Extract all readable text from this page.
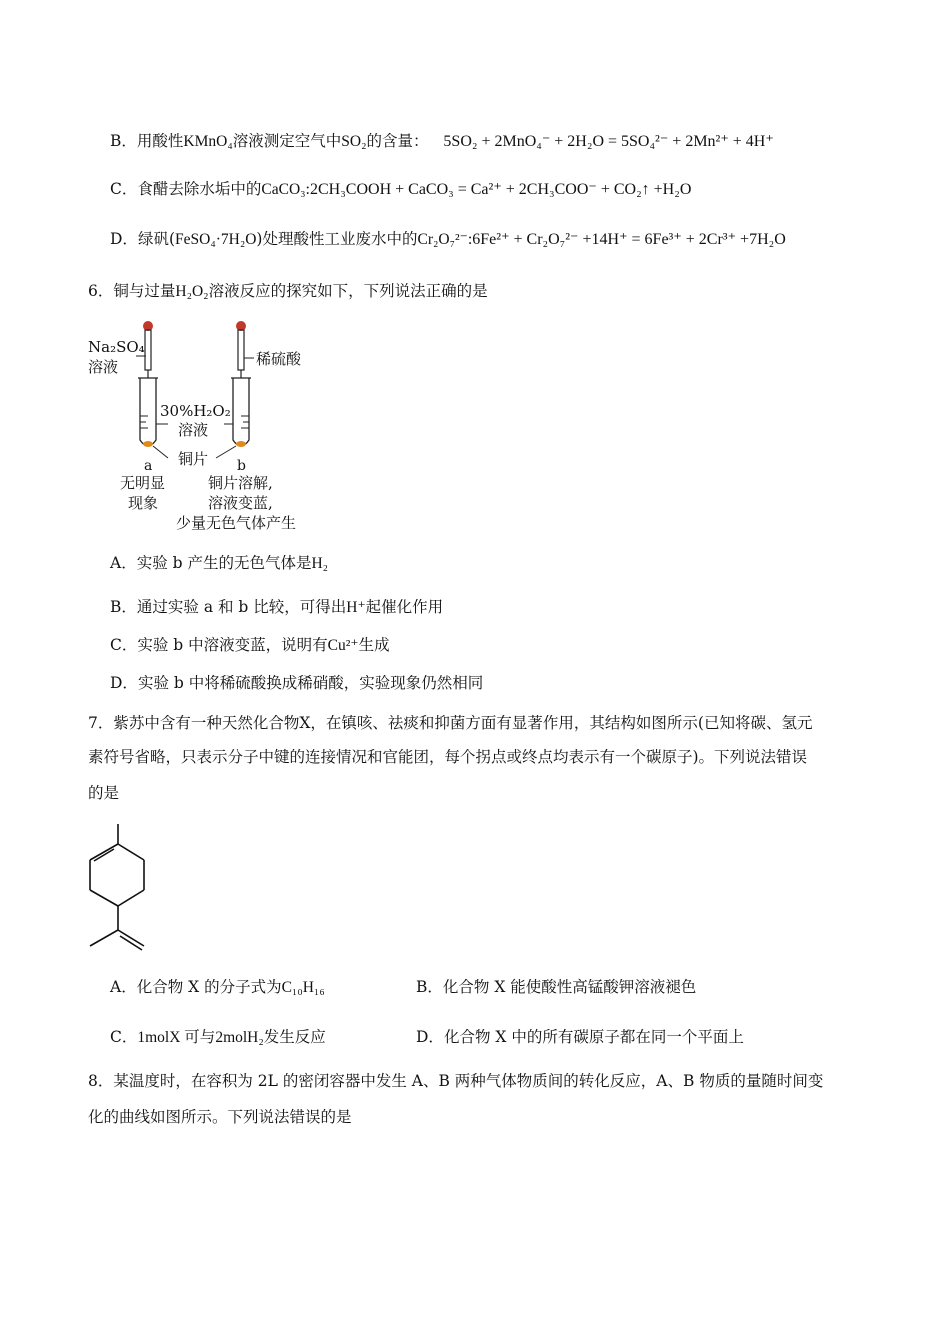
B．用酸性KMnO₄溶液测定空气中SO₂的含量： 5SO₂ + 2MnO₄⁻ + 2H₂O = 5SO₄²⁻ + 2Mn²⁺ + 4H⁺
C．食醋去除水垢中的CaCO₃:2CH₃COOH + CaCO₃ = Ca²⁺ + 2CH₃COO⁻ + CO₂↑ +H₂O
D．绿矾(FeSO₄·7H₂O)处理酸性工业废水中的Cr₂O₇²⁻:6Fe²⁺ + Cr₂O₇²⁻ +14H⁺ = 6Fe³⁺ + 2Cr³⁺ +7H₂O
6．铜与过量H₂O₂溶液反应的探究如下，下列说法正确的是
Na₂SO₄
溶液	稀硫酸
30%H₂O₂
溶液
铜片
a	b
无明显
现象
铜片溶解,
溶液变蓝,
少量无色气体产生
A．实验 b 产生的无色气体是H₂
B．通过实验 a 和 b 比较，可得出H⁺起催化作用
C．实验 b 中溶液变蓝，说明有Cu²⁺生成
D．实验 b 中将稀硫酸换成稀硝酸，实验现象仍然相同
7．紫苏中含有一种天然化合物X，在镇咳、祛痰和抑菌方面有显著作用，其结构如图所示(已知将碳、氢元
素符号省略，只表示分子中键的连接情况和官能团，每个拐点或终点均表示有一个碳原子)。下列说法错误
的是
A．化合物 X 的分子式为C₁₀H₁₆	B．化合物 X 能使酸性高锰酸钾溶液褪色
C．1molX 可与2molH₂发生反应	D．化合物 X 中的所有碳原子都在同一个平面上
8．某温度时，在容积为 2L 的密闭容器中发生 A、B 两种气体物质间的转化反应，A、B 物质的量随时间变
化的曲线如图所示。下列说法错误的是
